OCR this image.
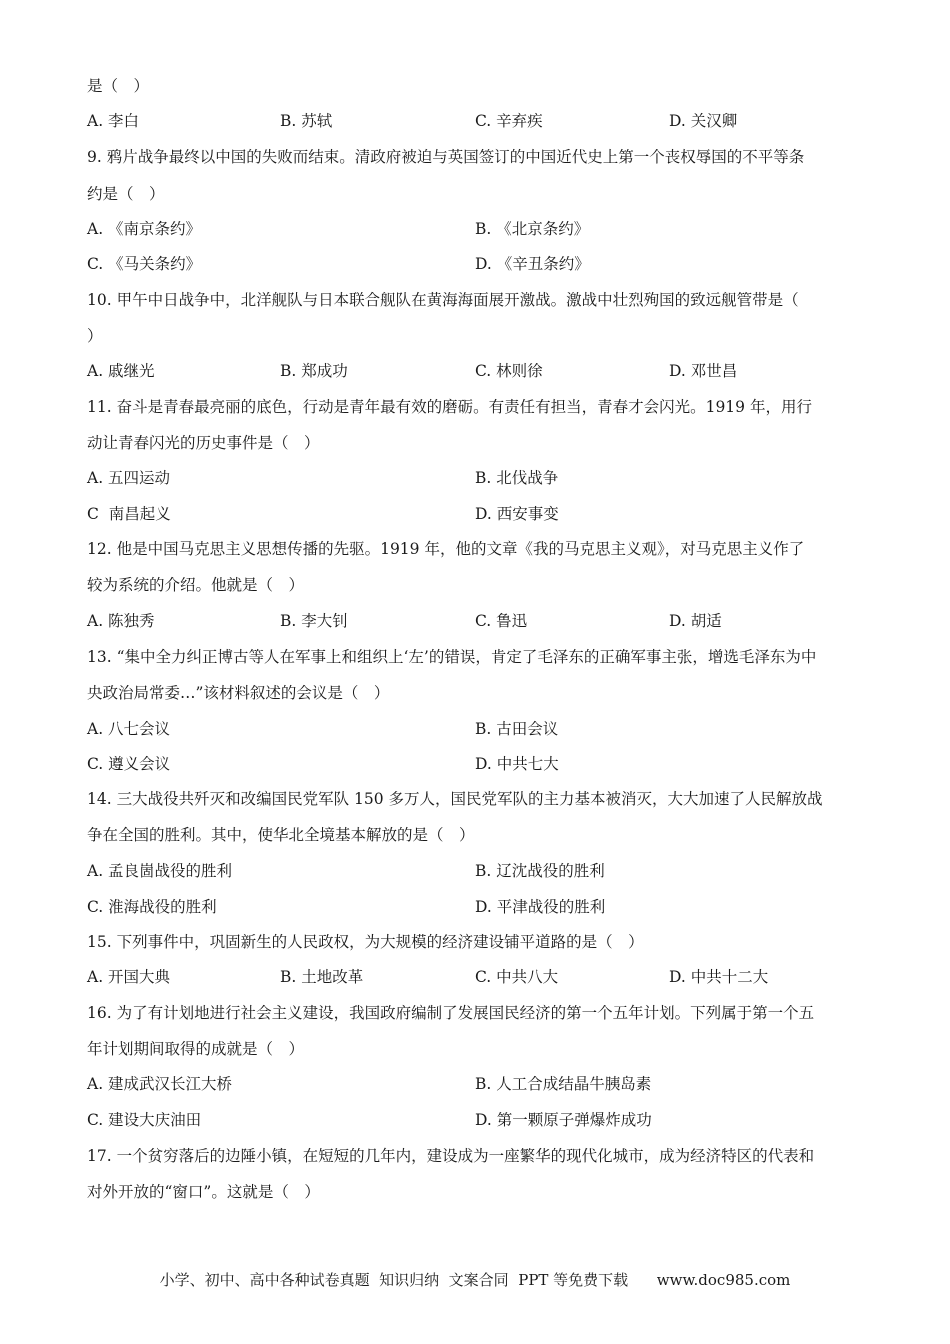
是（　）
A. 李白	B. 苏轼	C. 辛弃疾	D. 关汉卿
9. 鸦片战争最终以中国的失败而结束。清政府被迫与英国签订的中国近代史上第一个丧权辱国的不平等条
约是（　）
A. 《南京条约》	B. 《北京条约》
C. 《马关条约》	D. 《辛丑条约》
10. 甲午中日战争中，北洋舰队与日本联合舰队在黄海海面展开激战。激战中壮烈殉国的致远舰管带是（
）
A. 戚继光	B. 郑成功	C. 林则徐	D. 邓世昌
11. 奋斗是青春最亮丽的底色，行动是青年最有效的磨砺。有责任有担当，青春才会闪光。1919 年，用行
动让青春闪光的历史事件是（　）
A. 五四运动	B. 北伐战争
C  南昌起义	D. 西安事变
12. 他是中国马克思主义思想传播的先驱。1919 年，他的文章《我的马克思主义观》，对马克思主义作了
较为系统的介绍。他就是（　）
A. 陈独秀	B. 李大钊	C. 鲁迅	D. 胡适
13. “集中全力纠正博古等人在军事上和组织上‘左’的错误，肯定了毛泽东的正确军事主张，增选毛泽东为中
央政治局常委…”该材料叙述的会议是（　）
A. 八七会议	B. 古田会议
C. 遵义会议	D. 中共七大
14. 三大战役共歼灭和改编国民党军队 150 多万人，国民党军队的主力基本被消灭，大大加速了人民解放战
争在全国的胜利。其中，使华北全境基本解放的是（　）
A. 孟良崮战役的胜利	B. 辽沈战役的胜利
C. 淮海战役的胜利	D. 平津战役的胜利
15. 下列事件中，巩固新生的人民政权，为大规模的经济建设铺平道路的是（　）
A. 开国大典	B. 土地改革	C. 中共八大	D. 中共十二大
16. 为了有计划地进行社会主义建设，我国政府编制了发展国民经济的第一个五年计划。下列属于第一个五
年计划期间取得的成就是（　）
A. 建成武汉长江大桥	B. 人工合成结晶牛胰岛素
C. 建设大庆油田	D. 第一颗原子弹爆炸成功
17. 一个贫穷落后的边陲小镇，在短短的几年内，建设成为一座繁华的现代化城市，成为经济特区的代表和
对外开放的“窗口”。这就是（　）
小学、初中、高中各种试卷真题  知识归纳  文案合同  PPT 等免费下载      www.doc985.com
